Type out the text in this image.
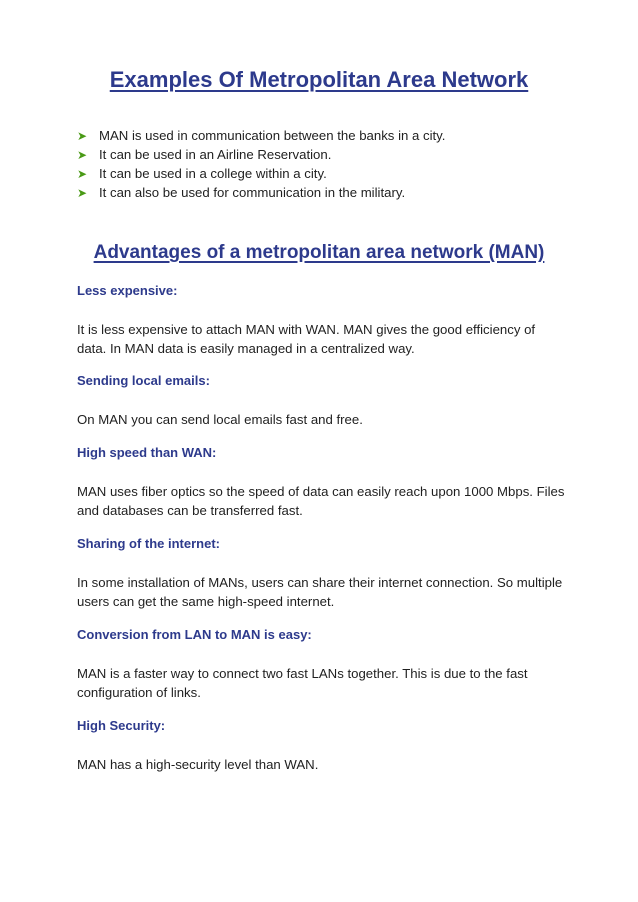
Examples Of Metropolitan Area Network
➤ MAN is used in communication between the banks in a city.
➤ It can be used in an Airline Reservation.
➤ It can be used in a college within a city.
➤ It can also be used for communication in the military.
Advantages of a metropolitan area network (MAN)

Less expensive:

It is less expensive to attach MAN with WAN. MAN gives the good efficiency of data. In MAN data is easily managed in a centralized way.

Sending local emails:

On MAN you can send local emails fast and free.

High speed than WAN:

MAN uses fiber optics so the speed of data can easily reach upon 1000 Mbps. Files and databases can be transferred fast.

Sharing of the internet:

In some installation of MANs, users can share their internet connection. So multiple users can get the same high-speed internet.

Conversion from LAN to MAN is easy:

MAN is a faster way to connect two fast LANs together. This is due to the fast configuration of links.

High Security:

MAN has a high-security level than WAN.
